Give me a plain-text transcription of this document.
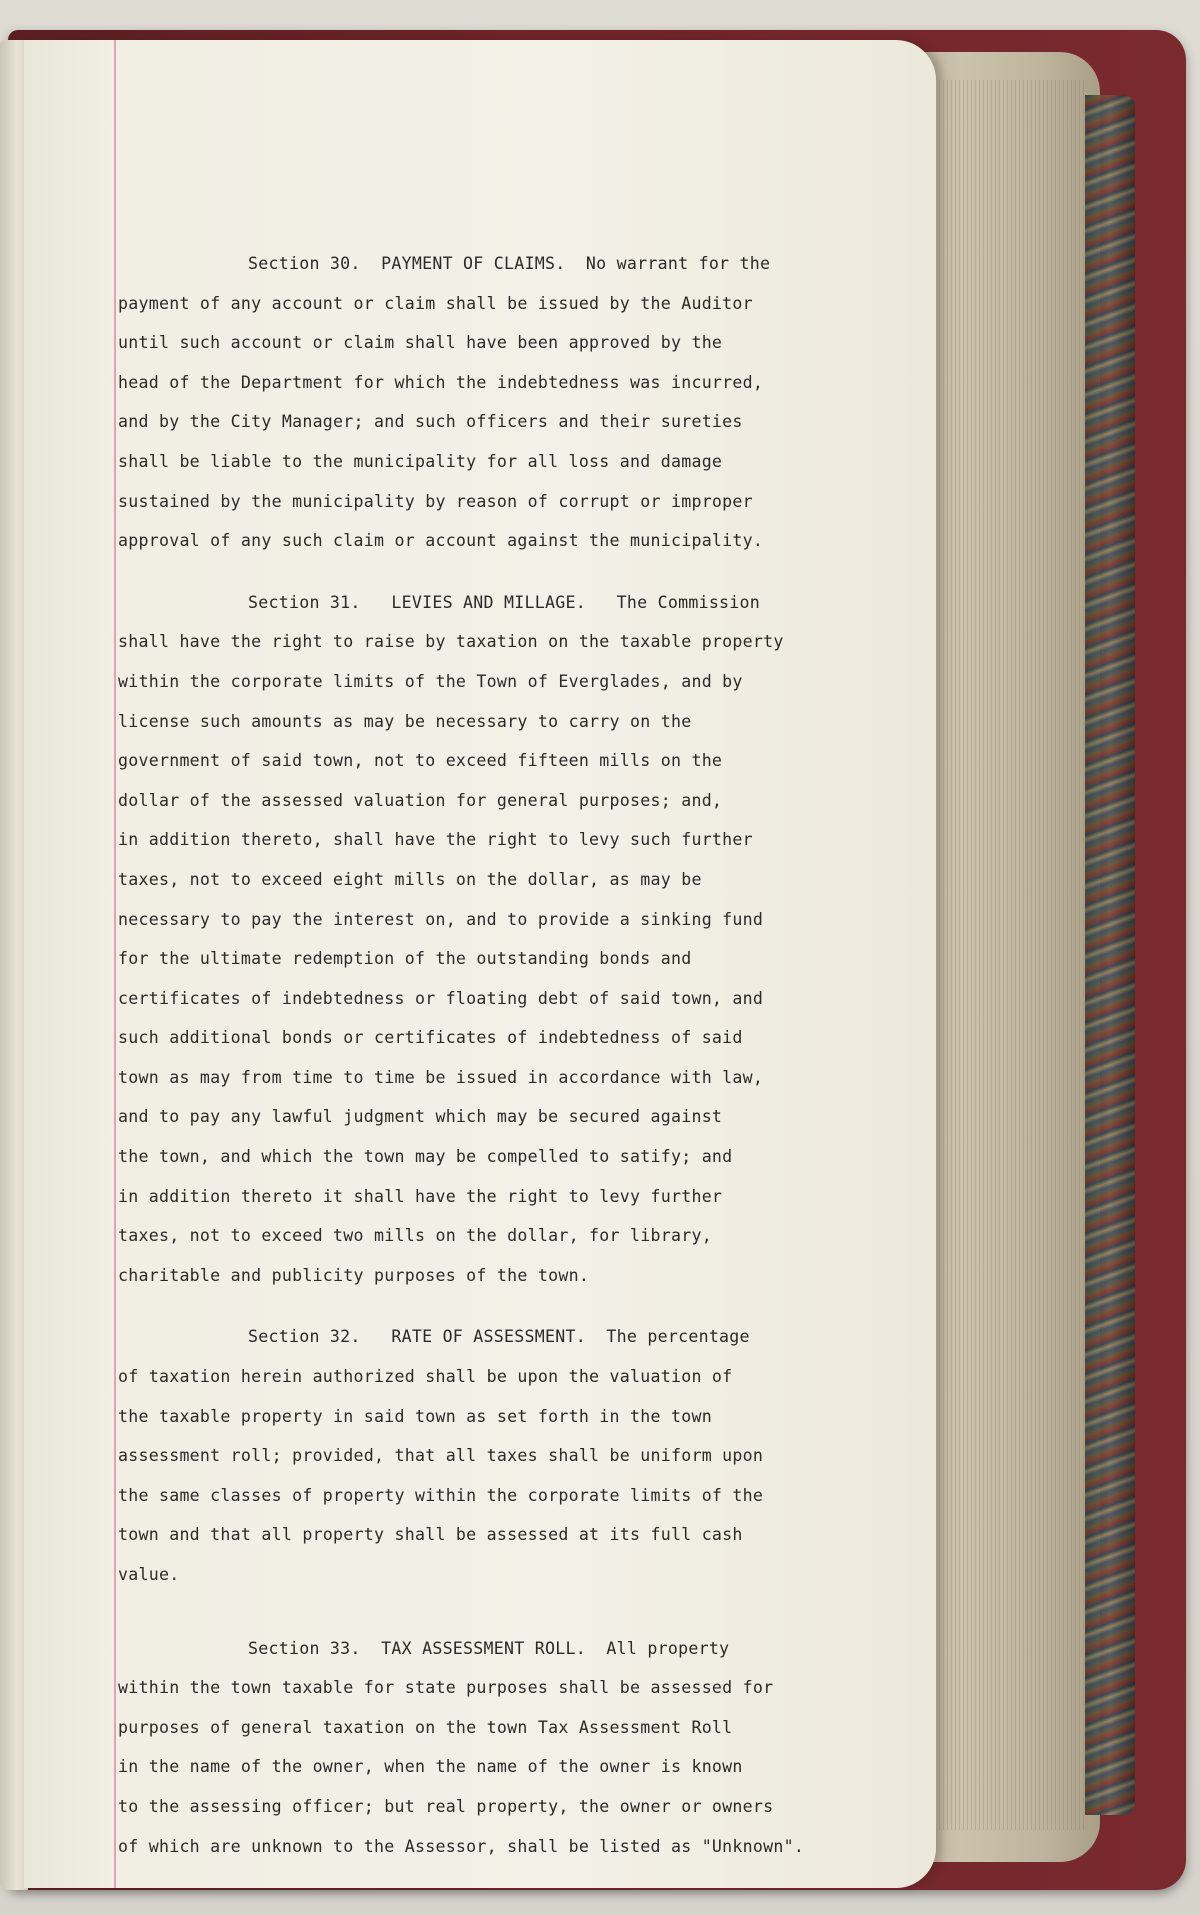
Section 30.  PAYMENT OF CLAIMS.  No warrant for the
payment of any account or claim shall be issued by the Auditor
until such account or claim shall have been approved by the
head of the Department for which the indebtedness was incurred,
and by the City Manager; and such officers and their sureties
shall be liable to the municipality for all loss and damage
sustained by the municipality by reason of corrupt or improper
approval of any such claim or account against the municipality.
Section 31.   LEVIES AND MILLAGE.   The Commission
shall have the right to raise by taxation on the taxable property
within the corporate limits of the Town of Everglades, and by
license such amounts as may be necessary to carry on the
government of said town, not to exceed fifteen mills on the
dollar of the assessed valuation for general purposes; and,
in addition thereto, shall have the right to levy such further
taxes, not to exceed eight mills on the dollar, as may be
necessary to pay the interest on, and to provide a sinking fund
for the ultimate redemption of the outstanding bonds and
certificates of indebtedness or floating debt of said town, and
such additional bonds or certificates of indebtedness of said
town as may from time to time be issued in accordance with law,
and to pay any lawful judgment which may be secured against
the town, and which the town may be compelled to satify; and
in addition thereto it shall have the right to levy further
taxes, not to exceed two mills on the dollar, for library,
charitable and publicity purposes of the town.
Section 32.   RATE OF ASSESSMENT.  The percentage
of taxation herein authorized shall be upon the valuation of
the taxable property in said town as set forth in the town
assessment roll; provided, that all taxes shall be uniform upon
the same classes of property within the corporate limits of the
town and that all property shall be assessed at its full cash
value.
Section 33.  TAX ASSESSMENT ROLL.  All property
within the town taxable for state purposes shall be assessed for
purposes of general taxation on the town Tax Assessment Roll
in the name of the owner, when the name of the owner is known
to the assessing officer; but real property, the owner or owners
of which are unknown to the Assessor, shall be listed as "Unknown".
